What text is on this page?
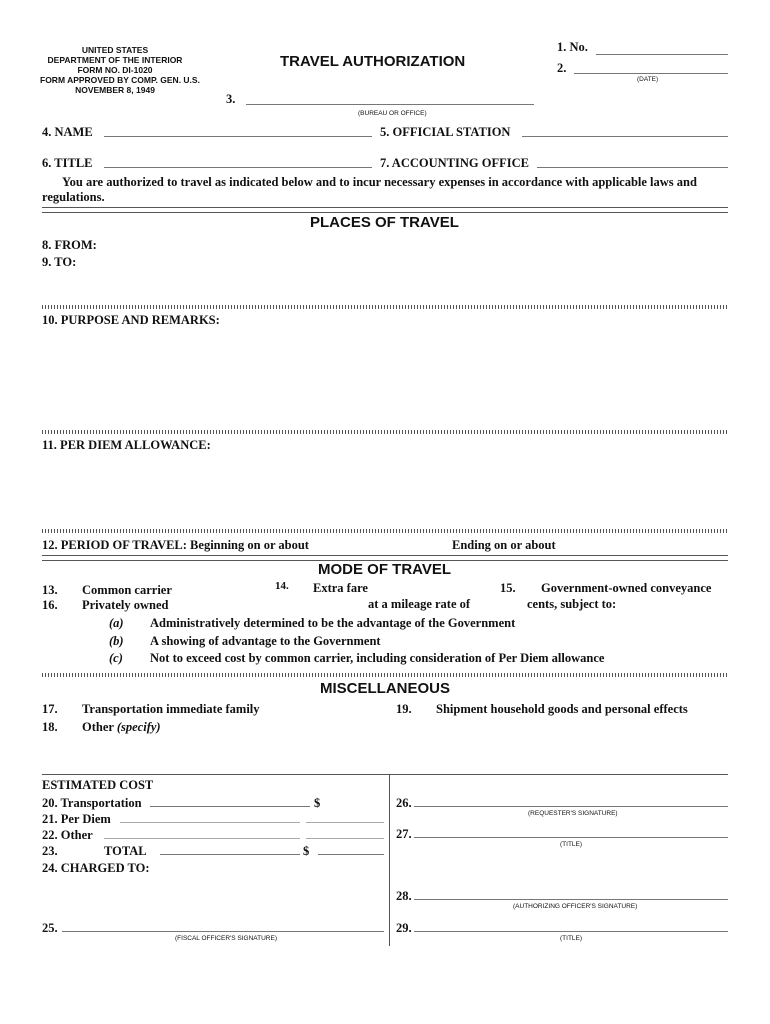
UNITED STATES
DEPARTMENT OF THE INTERIOR
FORM NO. DI-1020
FORM APPROVED BY COMP. GEN. U.S.
NOVEMBER 8, 1949
TRAVEL AUTHORIZATION
1. No.
2.
(DATE)
3.
(BUREAU OR OFFICE)
4. NAME	5. OFFICIAL STATION
6. TITLE	7. ACCOUNTING OFFICE
You are authorized to travel as indicated below and to incur necessary expenses in accordance with applicable laws and
regulations.
PLACES OF TRAVEL
8. FROM:
9. TO:
10. PURPOSE AND REMARKS:
11. PER DIEM ALLOWANCE:
12. PERIOD OF TRAVEL: Beginning on or about	Ending on or about
MODE OF TRAVEL
13. Common carrier	14. Extra fare	15. Government-owned conveyance
16. Privately owned	at a mileage rate of	cents, subject to:
(a) Administratively determined to be the advantage of the Government
(b) A showing of advantage to the Government
(c) Not to exceed cost by common carrier, including consideration of Per Diem allowance
MISCELLANEOUS
17. Transportation immediate family	19. Shipment household goods and personal effects
18. Other (specify)
ESTIMATED COST
20. Transportation	$
21. Per Diem
22. Other
23.	TOTAL	$
24. CHARGED TO:
25.
(FISCAL OFFICER'S SIGNATURE)
26.
(REQUESTER'S SIGNATURE)
27.
(TITLE)
28.
(AUTHORIZING OFFICER'S SIGNATURE)
29.
(TITLE)
